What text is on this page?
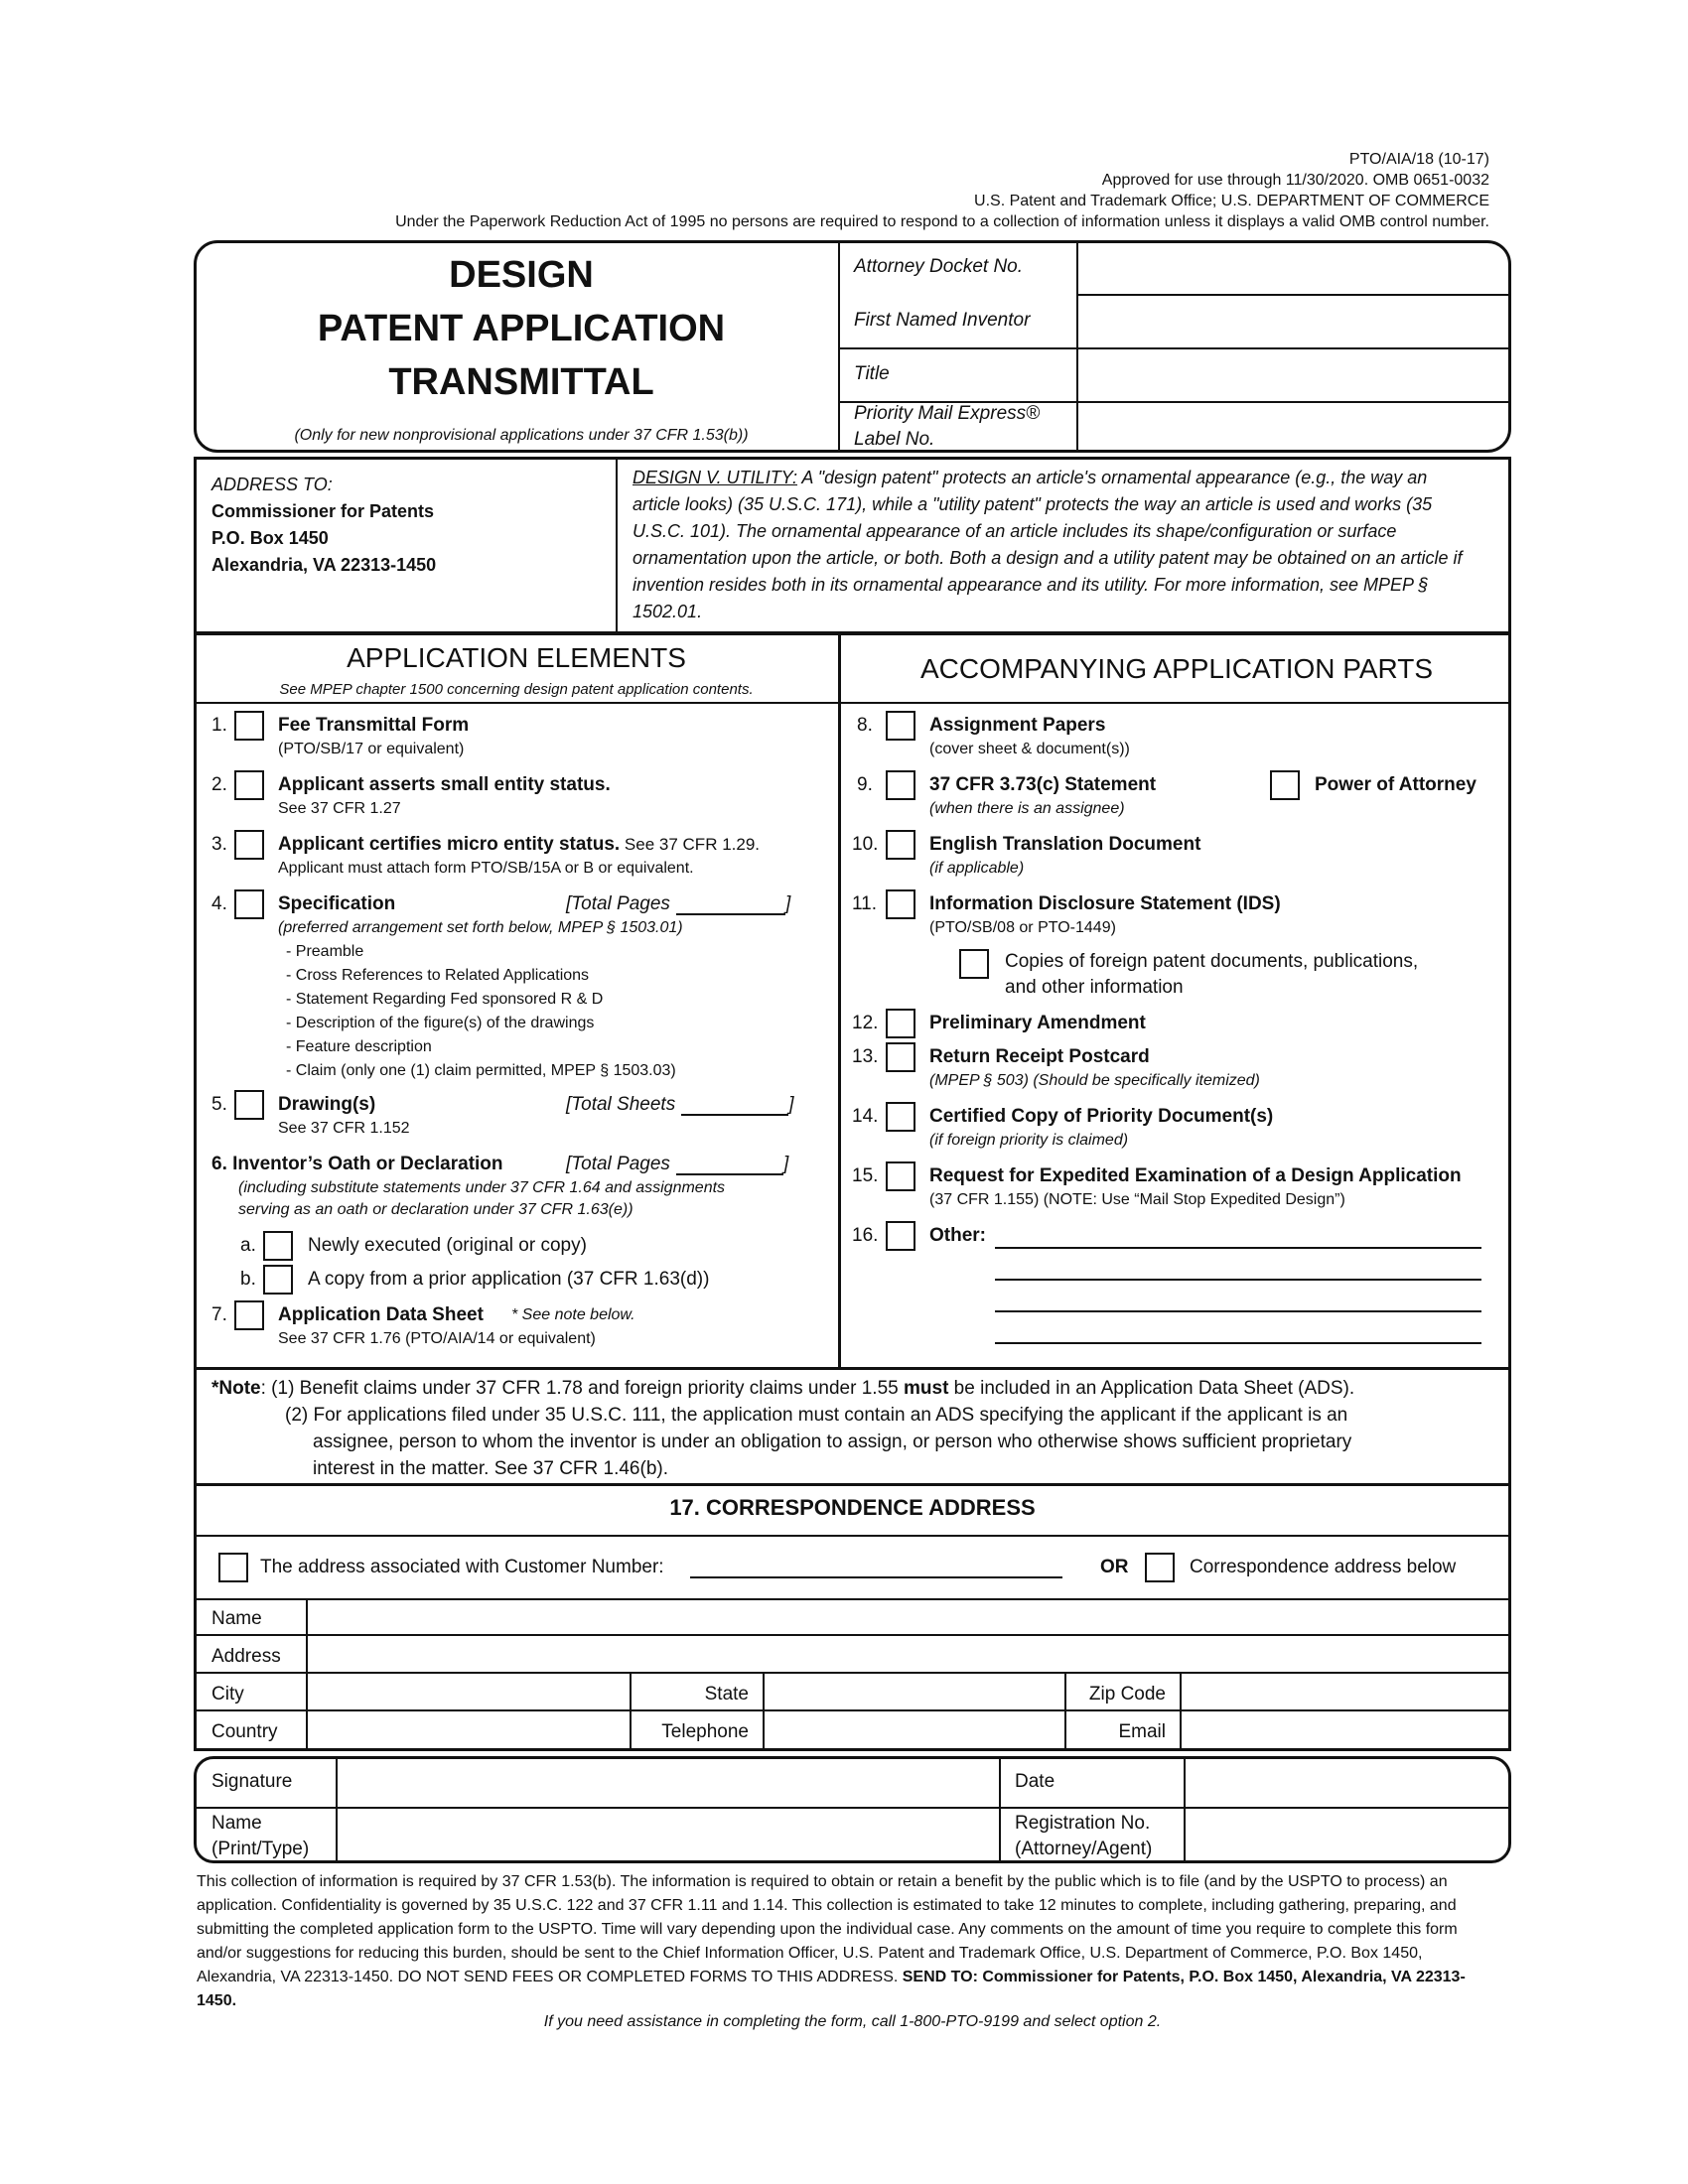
PTO/AIA/18 (10-17)
Approved for use through 11/30/2020. OMB 0651-0032
U.S. Patent and Trademark Office; U.S. DEPARTMENT OF COMMERCE
Under the Paperwork Reduction Act of 1995 no persons are required to respond to a collection of information unless it displays a valid OMB control number.
DESIGN
PATENT APPLICATION
TRANSMITTAL
(Only for new nonprovisional applications under 37 CFR 1.53(b))
Attorney Docket No.
First Named Inventor
Title
Priority Mail Express®
Label No.
ADDRESS TO:
Commissioner for Patents
P.O. Box 1450
Alexandria, VA 22313-1450
DESIGN V. UTILITY: A "design patent" protects an article's ornamental appearance (e.g., the way an article looks) (35 U.S.C. 171), while a "utility patent" protects the way an article is used and works (35 U.S.C. 101). The ornamental appearance of an article includes its shape/configuration or surface ornamentation upon the article, or both. Both a design and a utility patent may be obtained on an article if invention resides both in its ornamental appearance and its utility. For more information, see MPEP § 1502.01.
APPLICATION ELEMENTS
See MPEP chapter 1500 concerning design patent application contents.
ACCOMPANYING APPLICATION PARTS
1.	Fee Transmittal Form
(PTO/SB/17 or equivalent)
2.	Applicant asserts small entity status.
See 37 CFR 1.27
3.	Applicant certifies micro entity status. See 37 CFR 1.29.
Applicant must attach form PTO/SB/15A or B or equivalent.
4.	Specification	[Total Pages	]
(preferred arrangement set forth below, MPEP § 1503.01)
- Preamble
- Cross References to Related Applications
- Statement Regarding Fed sponsored R & D
- Description of the figure(s) of the drawings
- Feature description
- Claim (only one (1) claim permitted, MPEP § 1503.03)
5.	Drawing(s)	[Total Sheets	]
See 37 CFR 1.152
6. Inventor’s Oath or Declaration	[Total Pages	]
(including substitute statements under 37 CFR 1.64 and assignments
serving as an oath or declaration under 37 CFR 1.63(e))
a.	Newly executed (original or copy)
b.	A copy from a prior application (37 CFR 1.63(d))
7.	Application Data Sheet * See note below.
See 37 CFR 1.76 (PTO/AIA/14 or equivalent)
8.	Assignment Papers
(cover sheet & document(s))
9.	37 CFR 3.73(c) Statement
(when there is an assignee)
Power of Attorney
10.	English Translation Document
(if applicable)
11.	Information Disclosure Statement (IDS)
(PTO/SB/08 or PTO-1449)
Copies of foreign patent documents, publications,
and other information
12.	Preliminary Amendment
13.	Return Receipt Postcard
(MPEP § 503) (Should be specifically itemized)
14.	Certified Copy of Priority Document(s)
(if foreign priority is claimed)
15.	Request for Expedited Examination of a Design Application
(37 CFR 1.155) (NOTE: Use “Mail Stop Expedited Design”)
16.	Other:
*Note: (1) Benefit claims under 37 CFR 1.78 and foreign priority claims under 1.55 must be included in an Application Data Sheet (ADS).
(2) For applications filed under 35 U.S.C. 111, the application must contain an ADS specifying the applicant if the applicant is an
assignee, person to whom the inventor is under an obligation to assign, or person who otherwise shows sufficient proprietary
interest in the matter. See 37 CFR 1.46(b).
17. CORRESPONDENCE ADDRESS
The address associated with Customer Number:	OR	Correspondence address below
Name
Address
City	State	Zip Code
Country	Telephone	Email
Signature	Date
Name
(Print/Type)
Registration No.
(Attorney/Agent)
This collection of information is required by 37 CFR 1.53(b). The information is required to obtain or retain a benefit by the public which is to file (and by the USPTO to process) an application. Confidentiality is governed by 35 U.S.C. 122 and 37 CFR 1.11 and 1.14. This collection is estimated to take 12 minutes to complete, including gathering, preparing, and submitting the completed application form to the USPTO. Time will vary depending upon the individual case. Any comments on the amount of time you require to complete this form and/or suggestions for reducing this burden, should be sent to the Chief Information Officer, U.S. Patent and Trademark Office, U.S. Department of Commerce, P.O. Box 1450, Alexandria, VA 22313-1450. DO NOT SEND FEES OR COMPLETED FORMS TO THIS ADDRESS. SEND TO: Commissioner for Patents, P.O. Box 1450, Alexandria, VA 22313-1450.
If you need assistance in completing the form, call 1-800-PTO-9199 and select option 2.
